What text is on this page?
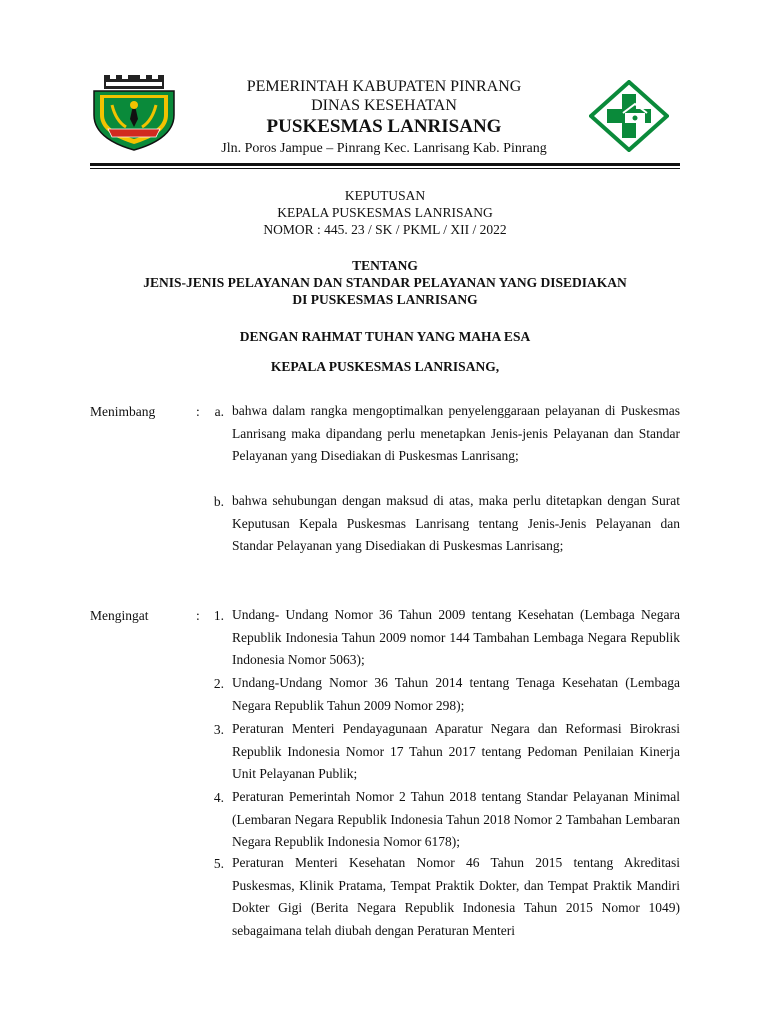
PEMERINTAH KABUPATEN PINRANG
DINAS KESEHATAN
PUSKESMAS LANRISANG
Jln. Poros Jampue – Pinrang Kec. Lanrisang Kab. Pinrang
KEPUTUSAN
KEPALA PUSKESMAS LANRISANG
NOMOR : 445. 23 / SK / PKML / XII / 2022
TENTANG
JENIS-JENIS PELAYANAN DAN STANDAR PELAYANAN YANG DISEDIAKAN
DI PUSKESMAS LANRISANG
DENGAN RAHMAT TUHAN YANG MAHA ESA
KEPALA PUSKESMAS LANRISANG,
Menimbang	:	a. bahwa dalam rangka mengoptimalkan penyelenggaraan pelayanan di Puskesmas Lanrisang maka dipandang perlu menetapkan Jenis-jenis Pelayanan dan Standar Pelayanan yang Disediakan di Puskesmas Lanrisang;
b. bahwa sehubungan dengan maksud di atas, maka perlu ditetapkan dengan Surat Keputusan Kepala Puskesmas Lanrisang tentang Jenis-Jenis Pelayanan dan Standar Pelayanan yang Disediakan di Puskesmas Lanrisang;
Mengingat	:	1. Undang- Undang Nomor 36 Tahun 2009 tentang Kesehatan (Lembaga Negara Republik Indonesia Tahun 2009 nomor 144 Tambahan Lembaga Negara Republik Indonesia Nomor 5063);
2. Undang-Undang Nomor 36 Tahun 2014 tentang Tenaga Kesehatan (Lembaga Negara Republik Tahun 2009 Nomor 298);
3. Peraturan Menteri Pendayagunaan Aparatur Negara dan Reformasi Birokrasi Republik Indonesia Nomor 17 Tahun 2017 tentang Pedoman Penilaian Kinerja Unit Pelayanan Publik;
4. Peraturan Pemerintah Nomor 2 Tahun 2018 tentang Standar Pelayanan Minimal (Lembaran Negara Republik Indonesia Tahun 2018 Nomor 2 Tambahan Lembaran Negara Republik Indonesia Nomor 6178);
5. Peraturan Menteri Kesehatan Nomor 46 Tahun 2015 tentang Akreditasi Puskesmas, Klinik Pratama, Tempat Praktik Dokter, dan Tempat Praktik Mandiri Dokter Gigi (Berita Negara Republik Indonesia Tahun 2015 Nomor 1049) sebagaimana telah diubah dengan Peraturan Menteri
